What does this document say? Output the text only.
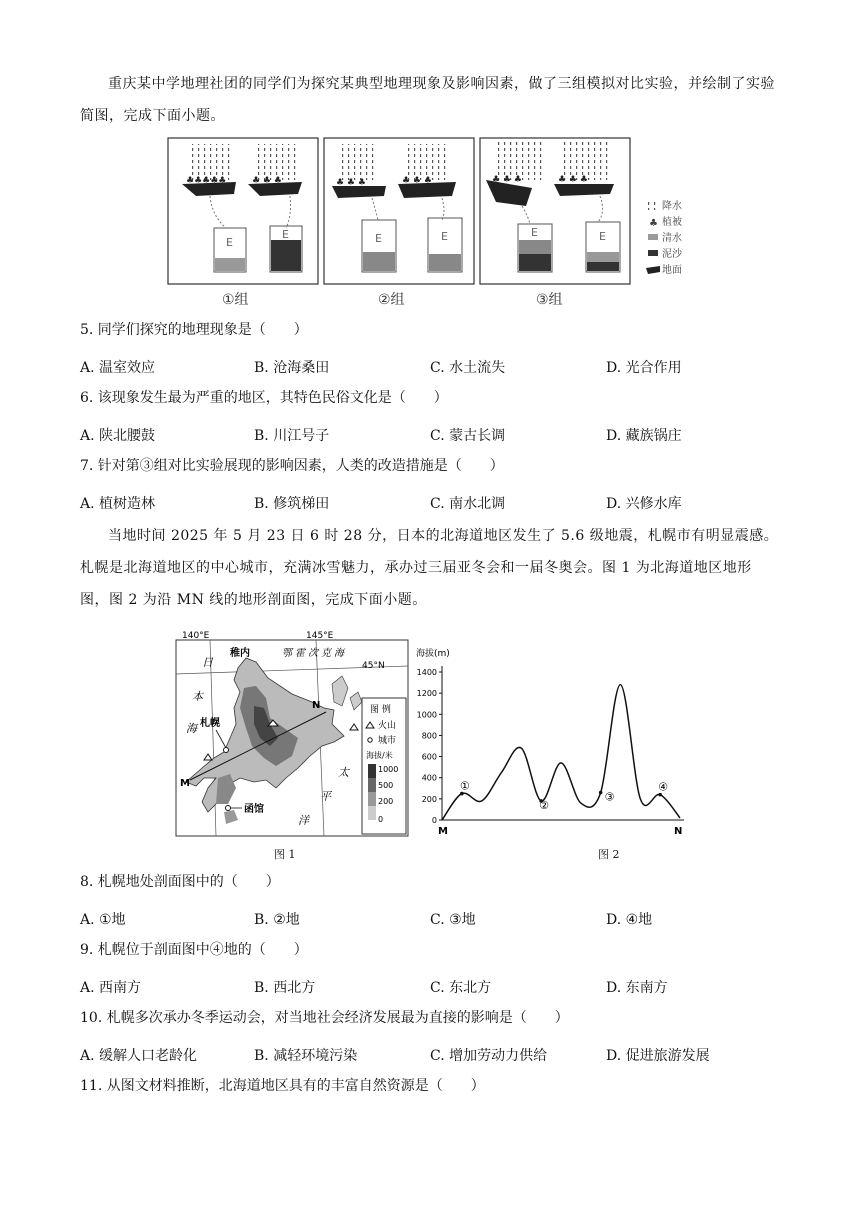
重庆某中学地理社团的同学们为探究某典型地理现象及影响因素，做了三组模拟对比实验，并绘制了实验简图，完成下面小题。
♣♣♣♣♣	♣ ♣ ♣
E
E
♣ ♣ ♣	♣ ♣ ♣
E	E
♣ ♣ ♣	♣ ♣ ♣
E	E
降水
♣ 植被
清水
泥沙
地面
①组	②组	③组
5. 同学们探究的地理现象是（　　）
A. 温室效应	B. 沧海桑田	C. 水土流失	D. 光合作用
6. 该现象发生最为严重的地区，其特色民俗文化是（　　）
A. 陕北腰鼓	B. 川江号子	C. 蒙古长调	D. 藏族锅庄
7. 针对第③组对比实验展现的影响因素，人类的改造措施是（　　）
A. 植树造林	B. 修筑梯田	C. 南水北调	D. 兴修水库
当地时间 2025 年 5 月 23 日 6 时 28 分，日本的北海道地区发生了 5.6 级地震，札幌市有明显震感。札幌是北海道地区的中心城市，充满冰雪魅力，承办过三届亚冬会和一届冬奥会。图 1 为北海道地区地形图，图 2 为沿 MN 线的地形剖面图，完成下面小题。
140°E	145°E
45°N
M
N
稚内
札幌
函馆
日
本
海
鄂霍次克海
太
平
洋
图 例
火山
城市
海拔/米
1000
500
200
0
图 1
海拔(m)
1400
1200
1000
800
600
400
200
0
①
②
③
④
M	N
图 2
8. 札幌地处剖面图中的（　　）
A. ①地	B. ②地	C. ③地	D. ④地
9. 札幌位于剖面图中④地的（　　）
A. 西南方	B. 西北方	C. 东北方	D. 东南方
10. 札幌多次承办冬季运动会，对当地社会经济发展最为直接的影响是（　　）
A. 缓解人口老龄化	B. 减轻环境污染	C. 增加劳动力供给	D. 促进旅游发展
11. 从图文材料推断，北海道地区具有的丰富自然资源是（　　）
